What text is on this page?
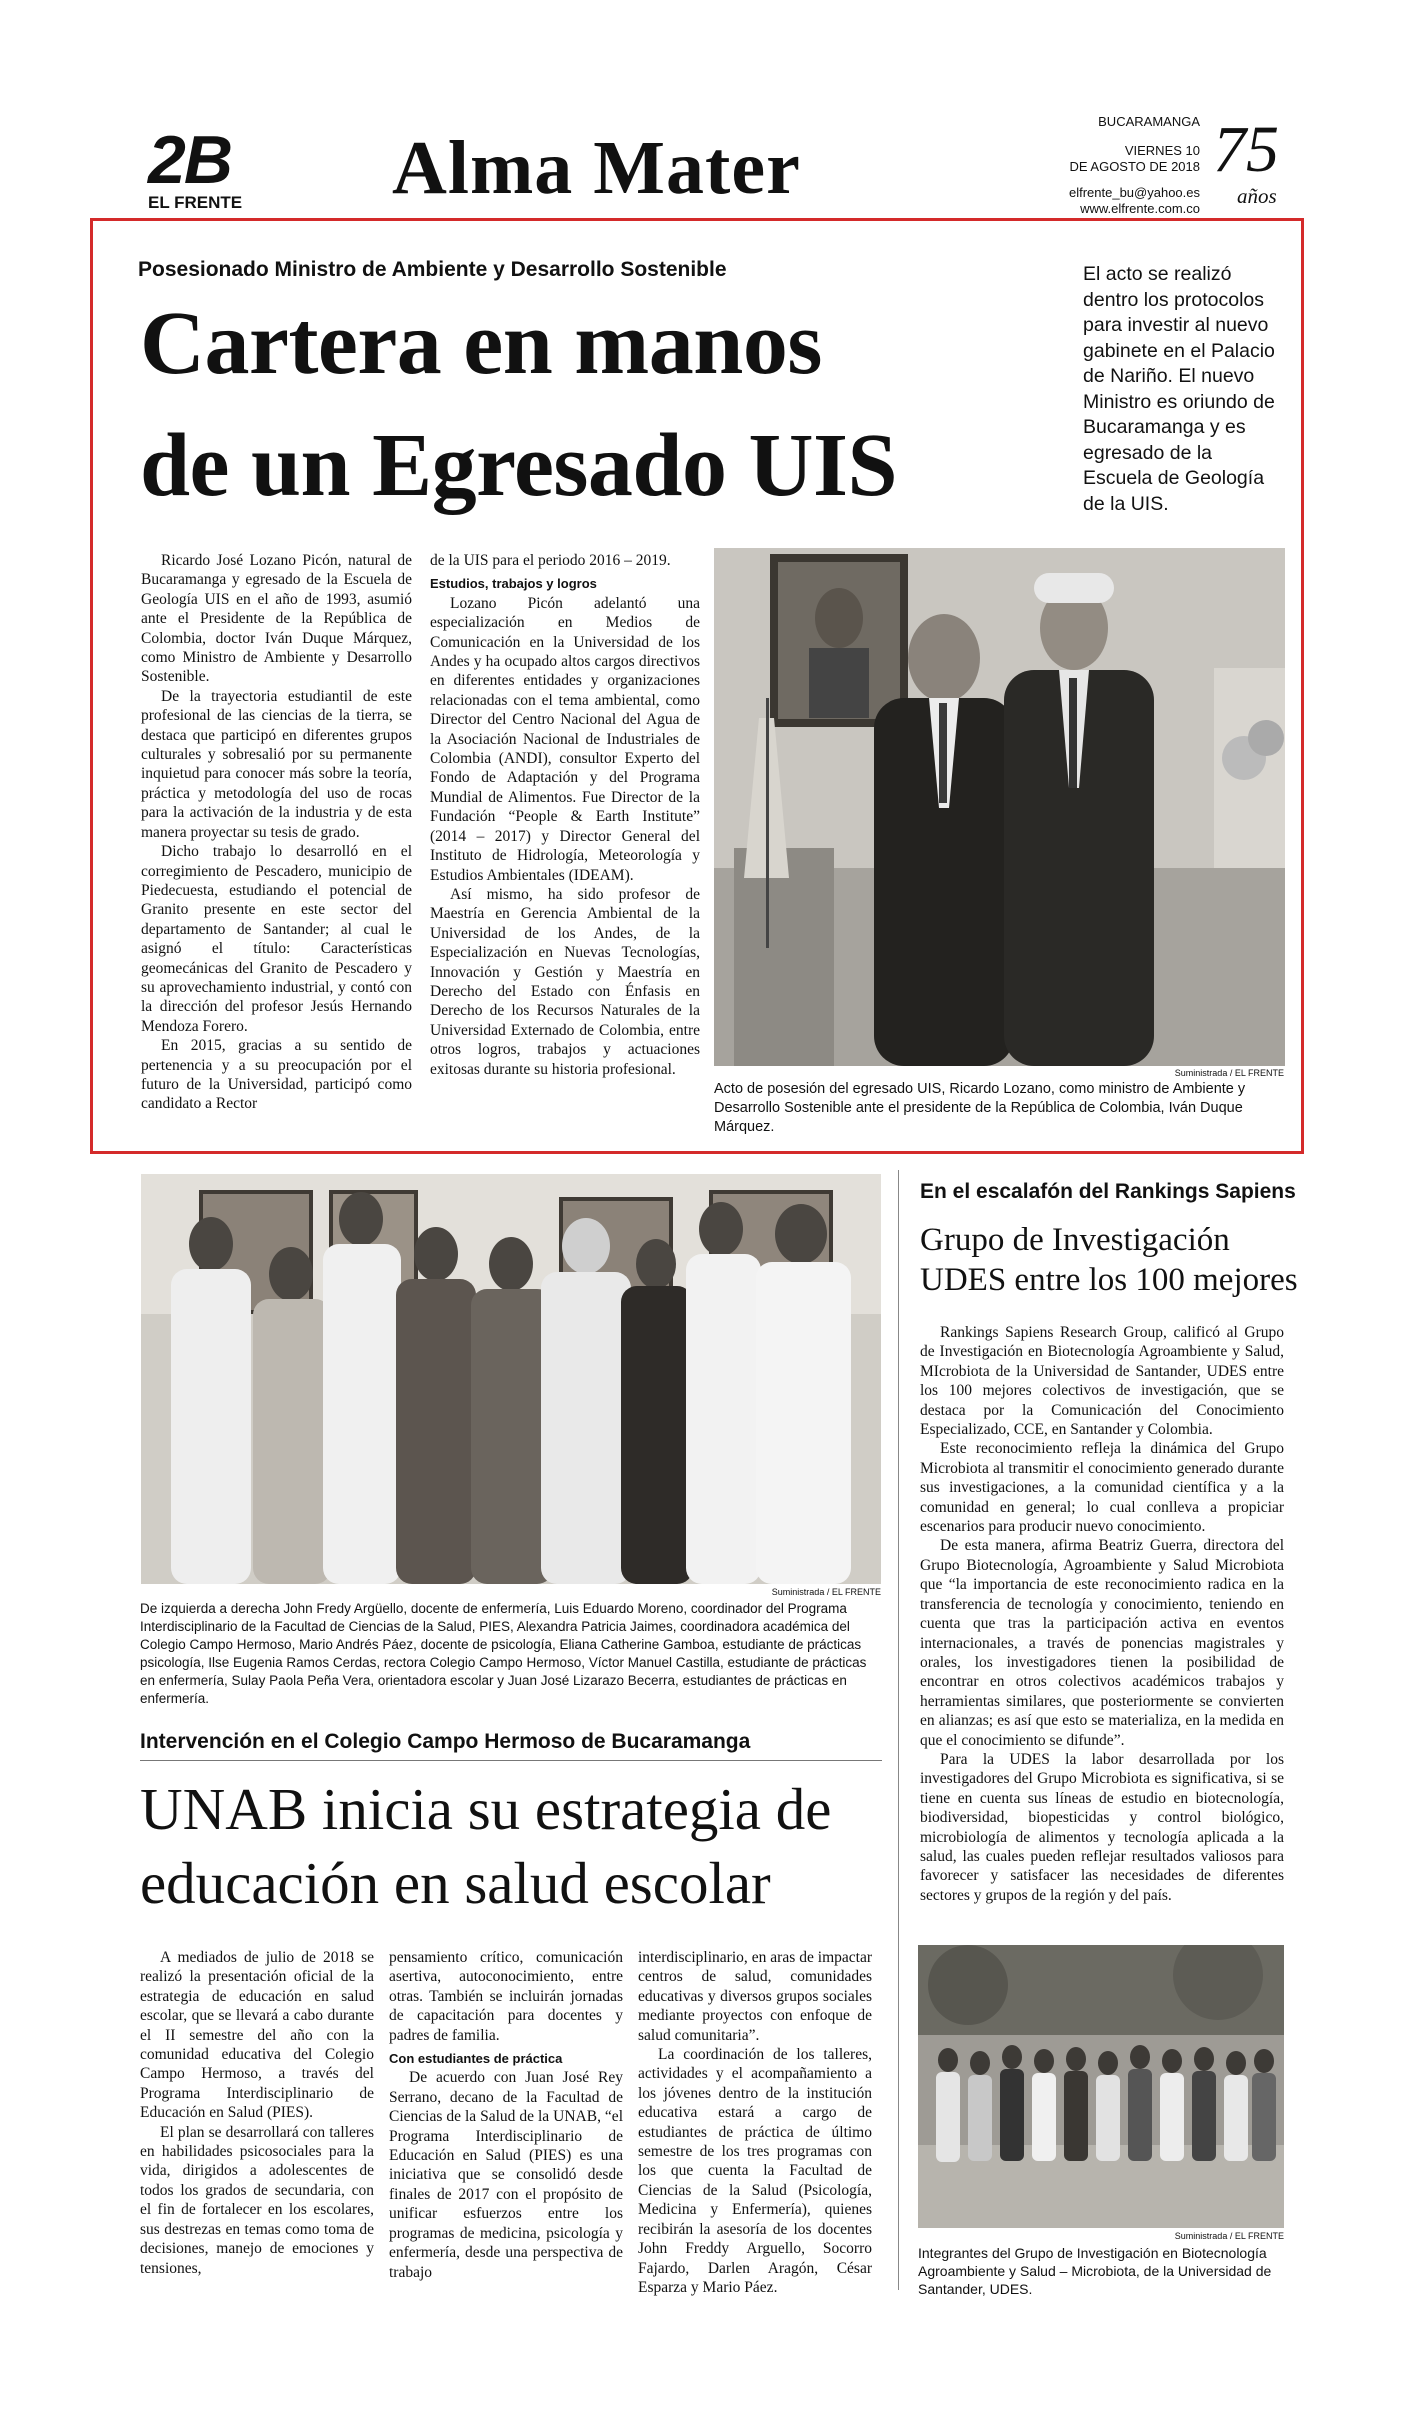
2B
EL FRENTE Alma Mater
BUCARAMANGA
VIERNES 10
DE AGOSTO DE 2018
elfrente_bu@yahoo.es
www.elfrente.com.co
75
años
Posesionado Ministro de Ambiente y Desarrollo Sostenible
Cartera en manos
de un Egresado UIS
El acto se realizó dentro los protocolos para investir al nuevo gabinete en el Palacio de Nariño. El nuevo Ministro es oriundo de Bucaramanga y es egresado de la Escuela de Geología de la UIS.

Ricardo José Lozano Picón, natural de Bucaramanga y egresado de la Escuela de Geología UIS en el año de 1993, asumió ante el Presidente de la República de Colombia, doctor Iván Duque Márquez, como Ministro de Ambiente y Desarrollo Sostenible.

De la trayectoria estudiantil de este profesional de las ciencias de la tierra, se destaca que participó en diferentes grupos culturales y sobresalió por su permanente inquietud para conocer más sobre la teoría, práctica y metodología del uso de rocas para la activación de la industria y de esta manera proyectar su tesis de grado.

Dicho trabajo lo desarrolló en el corregimiento de Pescadero, municipio de Piedecuesta, estudiando el potencial de Granito presente en este sector del departamento de Santander; al cual le asignó el título: Características geomecánicas del Granito de Pescadero y su aprovechamiento industrial, y contó con la dirección del profesor Jesús Hernando Mendoza Forero.

En 2015, gracias a su sentido de pertenencia y a su preocupación por el futuro de la Universidad, participó como candidato a Rector

de la UIS para el periodo 2016 – 2019.

Estudios, trabajos y logros

Lozano Picón adelantó una especialización en Medios de Comunicación en la Universidad de los Andes y ha ocupado altos cargos directivos en diferentes entidades y organizaciones relacionadas con el tema ambiental, como Director del Centro Nacional del Agua de la Asociación Nacional de Industriales de Colombia (ANDI), consultor Experto del Fondo de Adaptación y del Programa Mundial de Alimentos. Fue Director de la Fundación “People & Earth Institute” (2014 – 2017) y Director General del Instituto de Hidrología, Meteorología y Estudios Ambientales (IDEAM).

Así mismo, ha sido profesor de Maestría en Gerencia Ambiental de la Universidad de los Andes, de la Especialización en Nuevas Tecnologías, Innovación y Gestión y Maestría en Derecho del Estado con Énfasis en Derecho de los Recursos Naturales de la Universidad Externado de Colombia, entre otros logros, trabajos y actuaciones exitosas durante su historia profesional.	Suministrada / EL FRENTE
Acto de posesión del egresado UIS, Ricardo Lozano, como ministro de Ambiente y Desarrollo Sostenible ante el presidente de la República de Colombia, Iván Duque Márquez.
Suministrada / EL FRENTE
De izquierda a derecha John Fredy Argüello, docente de enfermería, Luis Eduardo Moreno, coordinador del Programa Interdisciplinario de la Facultad de Ciencias de la Salud, PIES, Alexandra Patricia Jaimes, coordinadora académica del Colegio Campo Hermoso, Mario Andrés Páez, docente de psicología, Eliana Catherine Gamboa, estudiante de prácticas psicología, Ilse Eugenia Ramos Cerdas, rectora Colegio Campo Hermoso, Víctor Manuel Castilla, estudiante de prácticas en enfermería, Sulay Paola Peña Vera, orientadora escolar y Juan José Lizarazo Becerra, estudiantes de prácticas en enfermería.
En el escalafón del Rankings Sapiens
Grupo de Investigación
UDES entre los 100 mejores

Rankings Sapiens Research Group, calificó al Grupo de Investigación en Biotecnología Agroambiente y Salud, MIcrobiota de la Universidad de Santander, UDES entre los 100 mejores colectivos de investigación, que se destaca por la Comunicación del Conocimiento Especializado, CCE, en Santander y Colombia.

Este reconocimiento refleja la dinámica del Grupo Microbiota al transmitir el conocimiento generado durante sus investigaciones, a la comunidad científica y a la comunidad en general; lo cual conlleva a propiciar escenarios para producir nuevo conocimiento.

De esta manera, afirma Beatriz Guerra, directora del Grupo Biotecnología, Agroambiente y Salud Microbiota que “la importancia de este reconocimiento radica en la transferencia de tecnología y conocimiento, teniendo en cuenta que tras la participación activa en eventos internacionales, a través de ponencias magistrales y orales, los investigadores tienen la posibilidad de encontrar en otros colectivos académicos trabajos y herramientas similares, que posteriormente se convierten en alianzas; es así que esto se materializa, en la medida en que el conocimiento se difunde”.

Para la UDES la labor desarrollada por los investigadores del Grupo Microbiota es significativa, si se tiene en cuenta sus líneas de estudio en biotecnología, biodiversidad, biopesticidas y control biológico, microbiología de alimentos y tecnología aplicada a la salud, las cuales pueden reflejar resultados valiosos para favorecer y satisfacer las necesidades de diferentes sectores y grupos de la región y del país.

Suministrada / EL FRENTE
Integrantes del Grupo de Investigación en Biotecnología Agroambiente y Salud – Microbiota, de la Universidad de Santander, UDES.
Intervención en el Colegio Campo Hermoso de Bucaramanga
UNAB inicia su estrategia de
educación en salud escolar

A mediados de julio de 2018 se realizó la presentación oficial de la estrategia de educación en salud escolar, que se llevará a cabo durante el II semestre del año con la comunidad educativa del Colegio Campo Hermoso, a través del Programa Interdisciplinario de Educación en Salud (PIES).

El plan se desarrollará con talleres en habilidades psicosociales para la vida, dirigidos a adolescentes de todos los grados de secundaria, con el fin de fortalecer en los escolares, sus destrezas en temas como toma de decisiones, manejo de emociones y tensiones,

pensamiento crítico, comunicación asertiva, autoconocimiento, entre otras. También se incluirán jornadas de capacitación para docentes y padres de familia.

Con estudiantes de práctica

De acuerdo con Juan José Rey Serrano, decano de la Facultad de Ciencias de la Salud de la UNAB, “el Programa Interdisciplinario de Educación en Salud (PIES) es una iniciativa que se consolidó desde finales de 2017 con el propósito de unificar esfuerzos entre los programas de medicina, psicología y enfermería, desde una perspectiva de trabajo

interdisciplinario, en aras de impactar centros de salud, comunidades educativas y diversos grupos sociales mediante proyectos con enfoque de salud comunitaria”.

La coordinación de los talleres, actividades y el acompañamiento a los jóvenes dentro de la institución educativa estará a cargo de estudiantes de práctica de último semestre de los tres programas con los que cuenta la Facultad de Ciencias de la Salud (Psicología, Medicina y Enfermería), quienes recibirán la asesoría de los docentes John Freddy Arguello, Socorro Fajardo, Darlen Aragón, César Esparza y Mario Páez.
